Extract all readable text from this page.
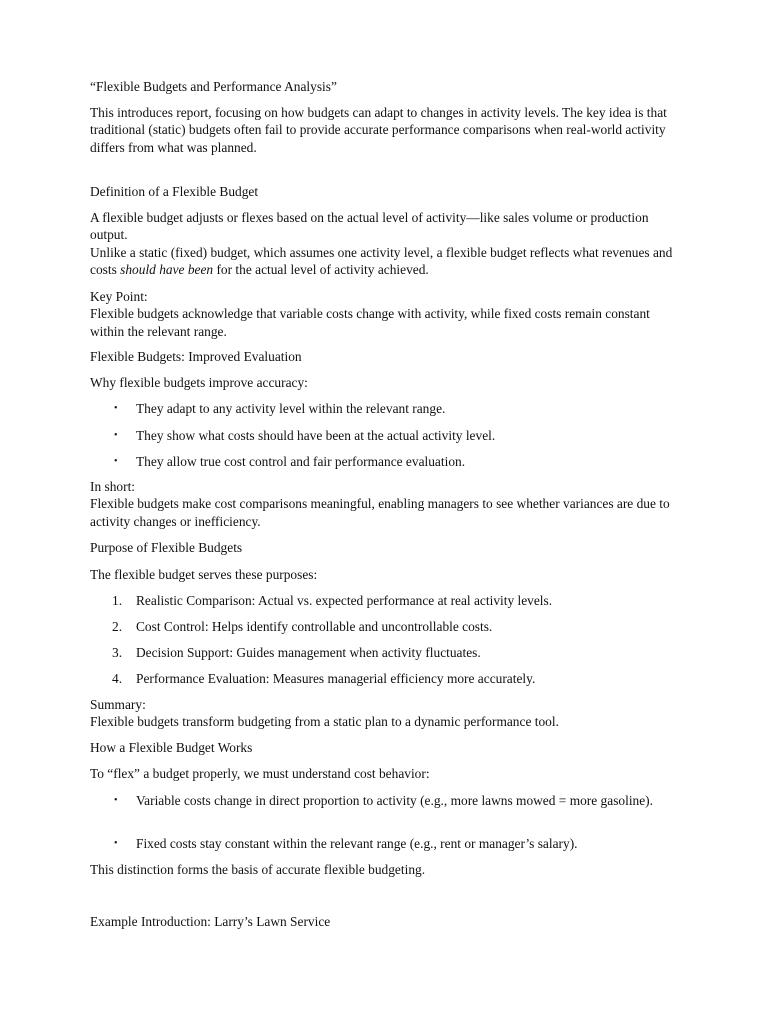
“Flexible Budgets and Performance Analysis”

This introduces report, focusing on how budgets can adapt to changes in activity levels. The key idea is that traditional (static) budgets often fail to provide accurate performance comparisons when real-world activity differs from what was planned.

Definition of a Flexible Budget

A flexible budget adjusts or flexes based on the actual level of activity—like sales volume or production output.
Unlike a static (fixed) budget, which assumes one activity level, a flexible budget reflects what revenues and costs should have been for the actual level of activity achieved.

Key Point:
Flexible budgets acknowledge that variable costs change with activity, while fixed costs remain constant within the relevant range.

Flexible Budgets: Improved Evaluation

Why flexible budgets improve accuracy:

•	They adapt to any activity level within the relevant range.
•	They show what costs should have been at the actual activity level.
•	They allow true cost control and fair performance evaluation.

In short:
Flexible budgets make cost comparisons meaningful, enabling managers to see whether variances are due to activity changes or inefficiency.

Purpose of Flexible Budgets

The flexible budget serves these purposes:

1.	Realistic Comparison: Actual vs. expected performance at real activity levels.
2.	Cost Control: Helps identify controllable and uncontrollable costs.
3.	Decision Support: Guides management when activity fluctuates.
4.	Performance Evaluation: Measures managerial efficiency more accurately.

Summary:
Flexible budgets transform budgeting from a static plan to a dynamic performance tool.

How a Flexible Budget Works

To “flex” a budget properly, we must understand cost behavior:

•	Variable costs change in direct proportion to activity (e.g., more lawns mowed = more gasoline).
•	Fixed costs stay constant within the relevant range (e.g., rent or manager’s salary).

This distinction forms the basis of accurate flexible budgeting.

Example Introduction: Larry’s Lawn Service
